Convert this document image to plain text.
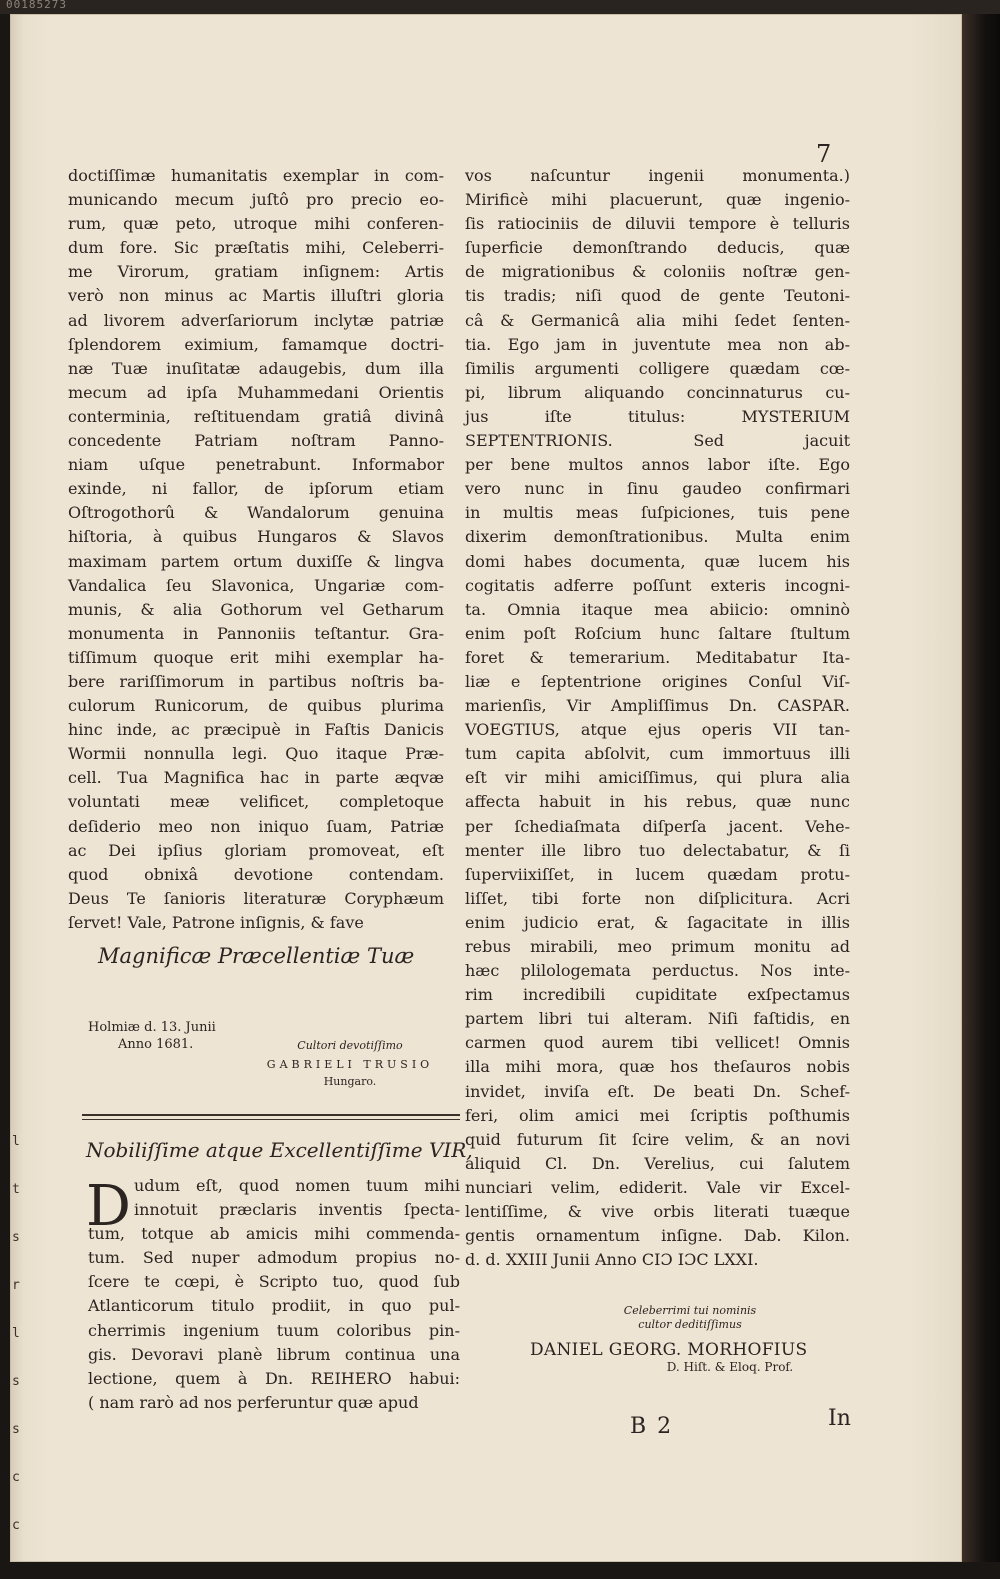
00185273
l
t
s
r
l
s
s
c
c
7
doctiſſimæ humanitatis exemplar in com-
municando mecum juſtô pro precio eo-
rum, quæ peto, utroque mihi conferen-
dum fore. Sic præſtatis mihi, Celeberri-
me Virorum, gratiam inſignem: Artis
verò non minus ac Martis illuſtri gloria
ad livorem adverſariorum inclytæ patriæ
ſplendorem eximium, famamque doctri-
næ Tuæ inuſitatæ adaugebis, dum illa
mecum ad ipſa Muhammedani Orientis
conterminia, reſtituendam gratiâ divinâ
concedente Patriam noſtram Panno-
niam uſque penetrabunt. Informabor
exinde, ni fallor, de ipſorum etiam
Oſtrogothorû & Wandalorum genuina
hiſtoria, à quibus Hungaros & Slavos
maximam partem ortum duxiſſe & lingva
Vandalica ſeu Slavonica, Ungariæ com-
munis, & alia Gothorum vel Getharum
monumenta in Pannoniis teſtantur. Gra-
tiſſimum quoque erit mihi exemplar ha-
bere rariſſimorum in partibus noſtris ba-
culorum Runicorum, de quibus plurima
hinc inde, ac præcipuè in Faſtis Danicis
Wormii nonnulla legi. Quo itaque Præ-
cell. Tua Magnifica hac in parte æqvæ
voluntati meæ velificet, completoque
deſiderio meo non iniquo ſuam, Patriæ
ac Dei ipſius gloriam promoveat, eſt
quod obnixâ devotione contendam.
Deus Te ſanioris literaturæ Coryphæum
ſervet! Vale, Patrone inſignis, & fave
Magnificæ Præcellentiæ Tuæ
Holmiæ d. 13. Junii
Anno 1681.	Cultori devotiſſimo
GABRIELI TRUSIO
Hungaro.
Nobiliſſime atque Excellentiſſime VIR,
D udum eſt, quod nomen tuum mihi
innotuit præclaris inventis ſpecta-
tum, totque ab amicis mihi commenda-
tum. Sed nuper admodum propius no-
ſcere te cœpi, è Scripto tuo, quod ſub
Atlanticorum titulo prodiit, in quo pul-
cherrimis ingenium tuum coloribus pin-
gis. Devoravi planè librum continua una
lectione, quem à Dn. REIHERO habui:
( nam rarò ad nos perferuntur quæ apud
vos naſcuntur ingenii monumenta.)
Mirificè mihi placuerunt, quæ ingenio-
ſis ratiociniis de diluvii tempore è telluris
ſuperficie demonſtrando deducis, quæ
de migrationibus & coloniis noſtræ gen-
tis tradis; niſi quod de gente Teutoni-
câ & Germanicâ alia mihi ſedet ſenten-
tia. Ego jam in juventute mea non ab-
ſimilis argumenti colligere quædam cœ-
pi, librum aliquando concinnaturus cu-
jus iſte titulus: MYSTERIUM
SEPTENTRIONIS. Sed jacuit
per bene multos annos labor iſte. Ego
vero nunc in ſinu gaudeo confirmari
in multis meas ſuſpiciones, tuis pene
dixerim demonſtrationibus. Multa enim
domi habes documenta, quæ lucem his
cogitatis adferre poſſunt exteris incogni-
ta. Omnia itaque mea abiicio: omninò
enim poſt Roſcium hunc ſaltare ſtultum
foret & temerarium. Meditabatur Ita-
liæ e ſeptentrione origines Conſul Viſ-
marienſis, Vir Ampliſſimus Dn. CASPAR.
VOEGTIUS, atque ejus operis VII tan-
tum capita abſolvit, cum immortuus illi
eſt vir mihi amiciſſimus, qui plura alia
affecta habuit in his rebus, quæ nunc
per ſchediaſmata diſperſa jacent. Vehe-
menter ille libro tuo delectabatur, & ſi
ſuperviixiſſet, in lucem quædam protu-
liſſet, tibi forte non diſplicitura. Acri
enim judicio erat, & ſagacitate in illis
rebus mirabili, meo primum monitu ad
hæc plilologemata perductus. Nos inte-
rim incredibili cupiditate exſpectamus
partem libri tui alteram. Niſi faſtidis, en
carmen quod aurem tibi vellicet! Omnis
illa mihi mora, quæ hos theſauros nobis
invidet, inviſa eſt. De beati Dn. Schef-
feri, olim amici mei ſcriptis poſthumis
quid futurum ſit ſcire velim, & an novi
aliquid Cl. Dn. Verelius, cui ſalutem
nunciari velim, ediderit. Vale vir Excel-
lentiſſime, & vive orbis literati tuæque
gentis ornamentum inſigne. Dab. Kilon.
d. d. XXIII Junii Anno CIƆ IƆC LXXI.
Celeberrimi tui nominis
cultor deditiſſimus
DANIEL GEORG. MORHOFIUS
D. Hiſt. & Eloq. Prof.
B 2	In
